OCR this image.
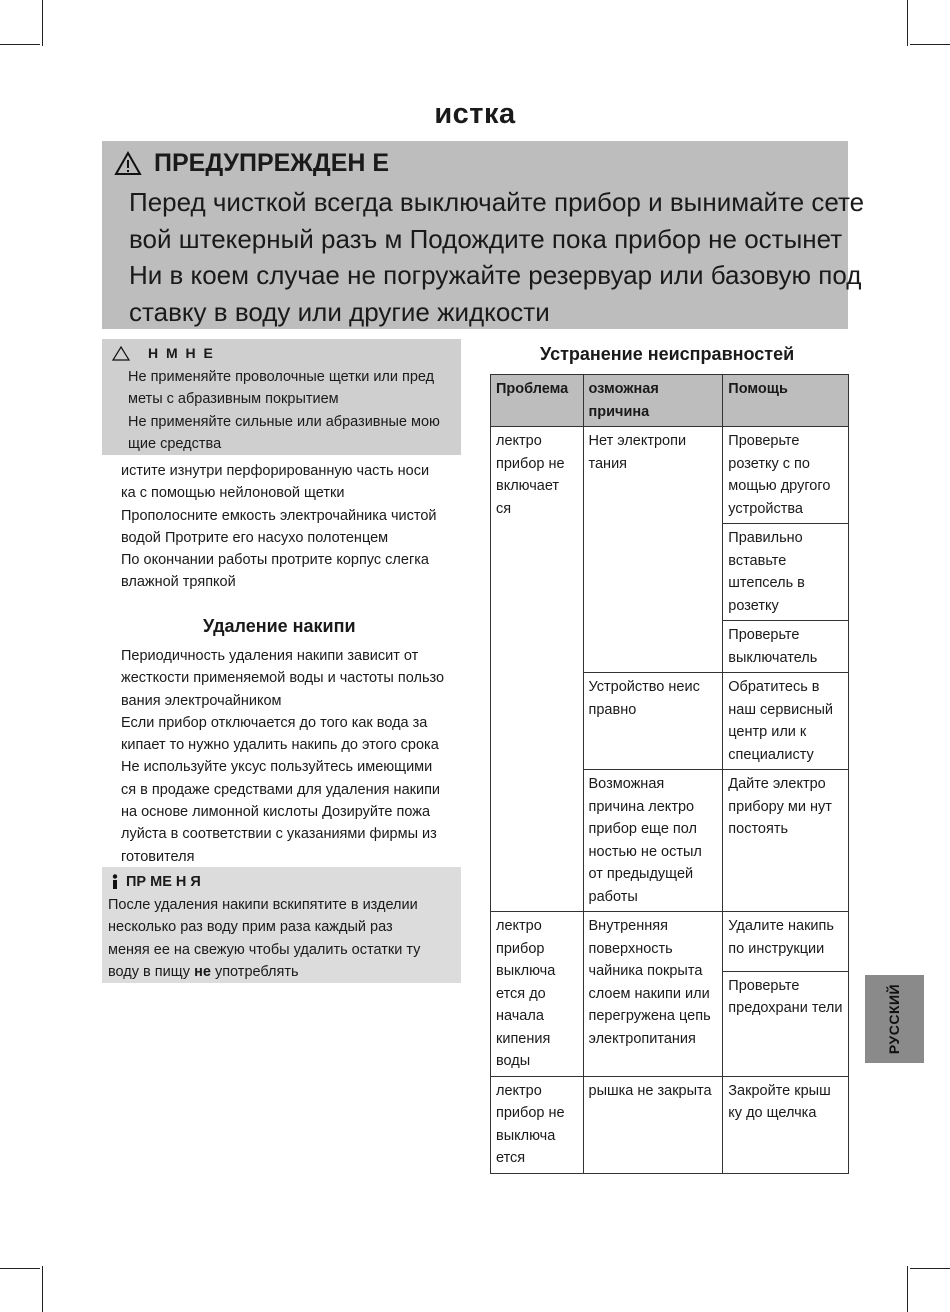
истка
ПРЕДУПРЕЖДЕН Е
Перед чисткой всегда выключайте прибор и вынимайте сете
вой штекерный разъ м Подождите пока прибор не остынет
Ни в коем случае не погружайте резервуар или базовую под
ставку в воду или другие жидкости
Н М Н Е
Не применяйте проволочные щетки или пред
меты с абразивным покрытием
Не применяйте сильные или абразивные мою
щие средства
истите изнутри перфорированную часть носи
ка с помощью нейлоновой щетки
Прополосните емкость электрочайника чистой
водой Протрите его насухо полотенцем
По окончании работы протрите корпус слегка
влажной тряпкой
Удаление накипи
Периодичность удаления накипи зависит от
жесткости применяемой воды и частоты пользо
вания электрочайником
Если прибор отключается до того как вода за
кипает то нужно удалить накипь до этого срока
Не используйте уксус пользуйтесь имеющими
ся в продаже средствами для удаления накипи
на основе лимонной кислоты Дозируйте пожа
луйста в соответствии с указаниями фирмы из
готовителя
ПР МЕ Н Я
После удаления накипи вскипятите в изделии
несколько раз воду прим раза каждый раз
меняя ее на свежую чтобы удалить остатки ту
воду в пищу не употреблять
Устранение неисправностей
Проблема	озможная причина	Помощь
лектро прибор не включает ся	Нет электропи тания	Проверьте розетку с по мощью другого устройства
		Правильно вставьте штепсель в розетку
		Проверьте выключатель
	Устройство неис правно	Обратитесь в наш сервисный центр или к специалисту
	Возможная причина лектро прибор еще пол ностью не остыл от предыдущей работы	Дайте электро прибору ми нут постоять
лектро прибор выключа ется до начала кипения воды	Внутренняя поверхность чайника покрыта слоем накипи или перегружена цепь электропитания	Удалите накипь по инструкции
		Проверьте предохрани тели
лектро прибор не выключа ется	рышка не закрыта	Закройте крыш ку до щелчка
РУССКИЙ
